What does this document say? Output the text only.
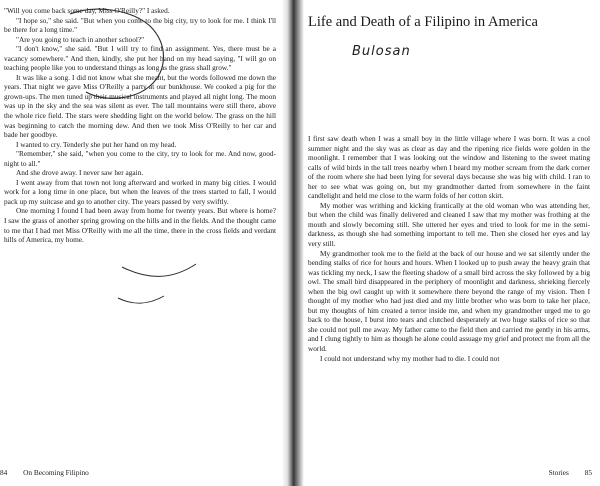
"Will you come back some day, Miss O'Reilly?" I asked.

"I hope so," she said. "But when you come to the big city, try to look for me. I think I'll be there for a long time."

"Are you going to teach in another school?"

"I don't know," she said. "But I will try to find an assignment. Yes, there must be a vacancy somewhere." And then, kindly, she put her hand on my head saying, "I will go on teaching people like you to understand things as long as the grass shall grow."

It was like a song. I did not know what she meant, but the words followed me down the years. That night we gave Miss O'Reilly a party at our bunkhouse. We cooked a pig for the grown-ups. The men tuned up their musical instruments and played all night long. The moon was up in the sky and the sea was silent as ever. The tall mountains were still there, above the whole rice field. The stars were shedding light on the world below. The grass on the hill was beginning to catch the morning dew. And then we took Miss O'Reilly to her car and bade her goodbye.

I wanted to cry. Tenderly she put her hand on my head.

"Remember," she said, "when you come to the city, try to look for me. And now, good-night to all."

And she drove away. I never saw her again.

I went away from that town not long afterward and worked in many big cities. I would work for a long time in one place, but when the leaves of the trees started to fall, I would pack up my suitcase and go to another city. The years passed by very swiftly.

One morning I found I had been away from home for twenty years. But where is home? I saw the grass of another spring growing on the hills and in the fields. And the thought came to me that I had met Miss O'Reilly with me all the time, there in the cross fields and verdant hills of America, my home.

84 On Becoming Filipino
Life and Death of a Filipino in America
Bulosan

I first saw death when I was a small boy in the little village where I was born. It was a cool summer night and the sky was as clear as day and the ripening rice fields were golden in the moonlight. I remember that I was looking out the window and listening to the sweet mating calls of wild birds in the tall trees nearby when I heard my mother scream from the dark corner of the room where she had been lying for several days because she was big with child. I ran to her to see what was going on, but my grandmother darted from somewhere in the faint candlelight and held me close to the warm folds of her cotton skirt.

My mother was writhing and kicking frantically at the old woman who was attending her, but when the child was finally delivered and cleaned I saw that my mother was frothing at the mouth and slowly becoming still. She uttered her eyes and tried to look for me in the semi-darkness, as though she had something important to tell me. Then she closed her eyes and lay very still.

My grandmother took me to the field at the back of our house and we sat silently under the bending stalks of rice for hours and hours. When I looked up to push away the heavy grain that was tickling my neck, I saw the fleeting shadow of a small bird across the sky followed by a big owl. The small bird disappeared in the periphery of moonlight and darkness, shrieking fiercely when the big owl caught up with it somewhere there beyond the range of my vision. Then I thought of my mother who had just died and my little brother who was born to take her place, but my thoughts of him created a terror inside me, and when my grandmother urged me to go back to the house, I burst into tears and clutched desperately at two huge stalks of rice so that she could not pull me away. My father came to the field then and carried me gently in his arms, and I clung tightly to him as though he alone could assuage my grief and protect me from all the world.

I could not understand why my mother had to die. I could not

Stories 85
